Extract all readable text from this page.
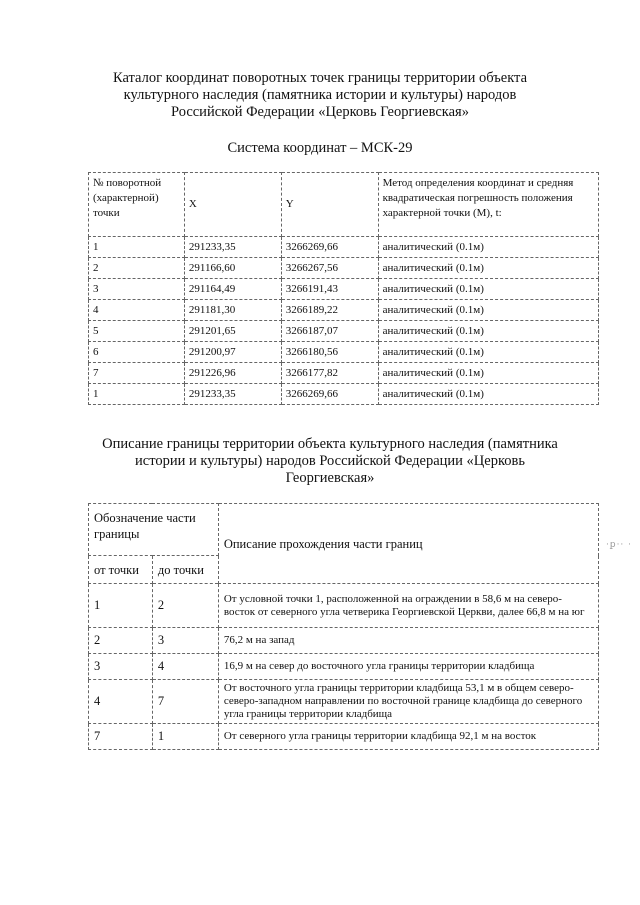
Каталог координат поворотных точек границы территории объекта культурного наследия (памятника истории и культуры) народов Российской Федерации «Церковь Георгиевская»
Система координат – МСК-29
№ поворотной (характерной) точки	X	Y	Метод определения координат и средняя квадратическая погрешность положения характерной точки (М), t:
1	291233,35	3266269,66	аналитический (0.1м)
2	291166,60	3266267,56	аналитический (0.1м)
3	291164,49	3266191,43	аналитический (0.1м)
4	291181,30	3266189,22	аналитический (0.1м)
5	291201,65	3266187,07	аналитический (0.1м)
6	291200,97	3266180,56	аналитический (0.1м)
7	291226,96	3266177,82	аналитический (0.1м)
1	291233,35	3266269,66	аналитический (0.1м)
Описание границы территории объекта культурного наследия (памятника истории и культуры) народов Российской Федерации «Церковь Георгиевская»
Обозначение части границы		Описание прохождения части границ
от точки	до точки	
1	2	От условной точки 1, расположенной на ограждении в 58,6 м на северо-восток от северного угла четверика Георгиевской Церкви, далее 66,8 м на юг
2	3	76,2 м на запад
3	4	16,9 м на север до восточного угла границы территории кладбища
4	7	От восточного угла границы территории кладбища 53,1 м в общем северо-северо-западном направлении по восточной границе кладбища до северного угла границы территории кладбища
7	1	От северного угла границы территории кладбища 92,1 м на восток
·ꝑ·· ·
